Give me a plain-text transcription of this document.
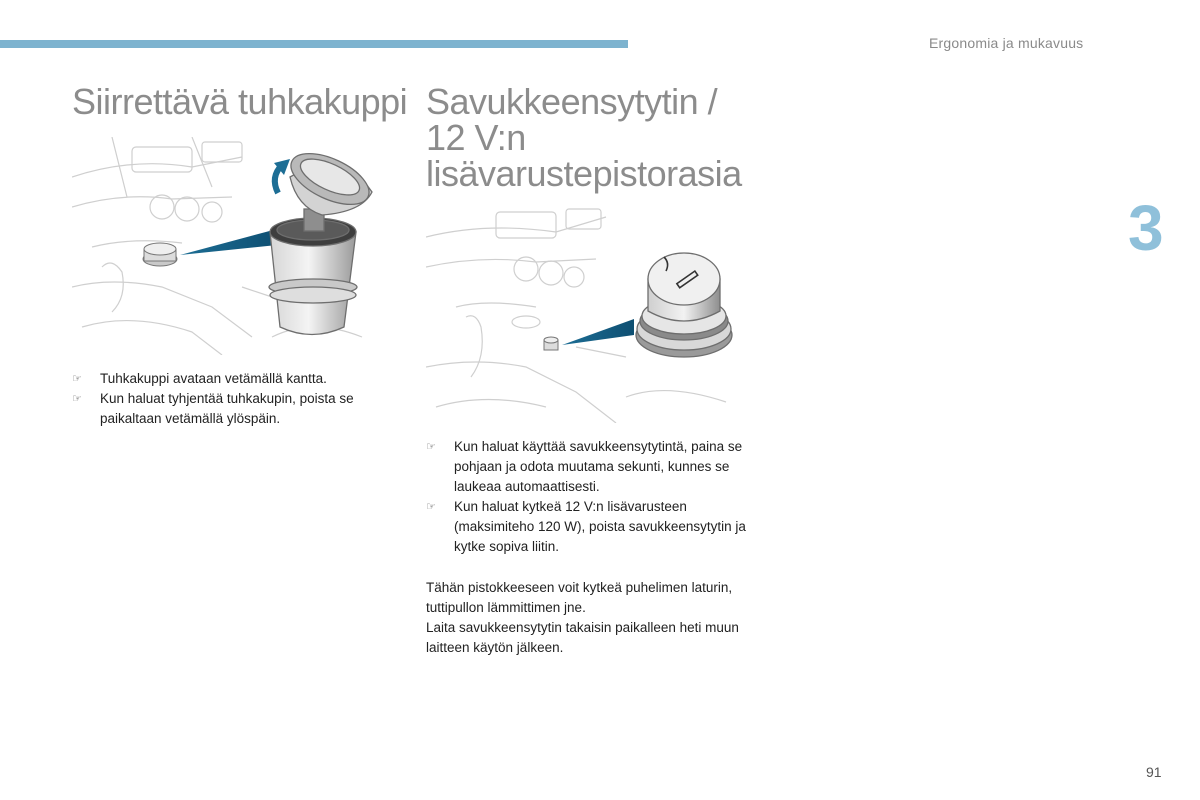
Ergonomia ja mukavuus
3
Siirrettävä tuhkakuppi
☞	Tuhkakuppi avataan vetämällä kantta.
☞	Kun haluat tyhjentää tuhkakupin, poista se paikaltaan vetämällä ylöspäin.
Savukkeensytytin /
12 V:n
lisävarustepistorasia
☞	Kun haluat käyttää savukkeensytytintä, paina se pohjaan ja odota muutama sekunti, kunnes se laukeaa automaattisesti.
☞	Kun haluat kytkeä 12 V:n lisävarusteen (maksimiteho 120 W), poista savukkeensytytin ja kytke sopiva liitin.

Tähän pistokkeeseen voit kytkeä puhelimen laturin, tuttipullon lämmittimen jne.

Laita savukkeensytytin takaisin paikalleen heti muun laitteen käytön jälkeen.

91
